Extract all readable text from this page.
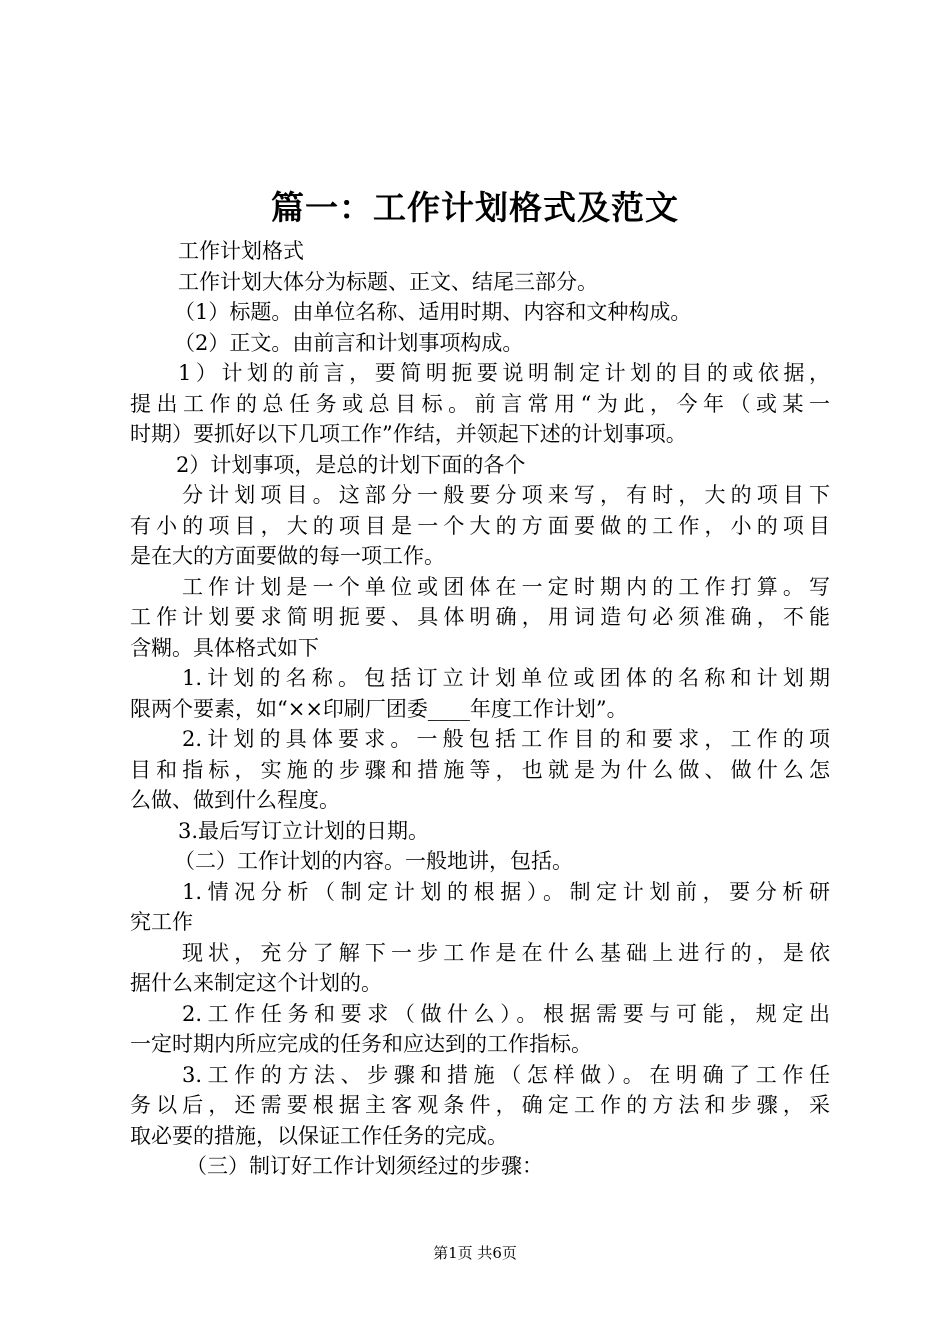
篇一：工作计划格式及范文
工作计划格式
工作计划大体分为标题、正文、结尾三部分。
（1）标题。由单位名称、适用时期、内容和文种构成。
（2）正文。由前言和计划事项构成。
1）计划的前言，要简明扼要说明制定计划的目的或依据，
提出工作的总任务或总目标。前言常用“为此，今年（或某一
时期）要抓好以下几项工作”作结，并领起下述的计划事项。
2）计划事项，是总的计划下面的各个
分计划项目。这部分一般要分项来写，有时，大的项目下
有小的项目，大的项目是一个大的方面要做的工作，小的项目
是在大的方面要做的每一项工作。
工作计划是一个单位或团体在一定时期内的工作打算。写
工作计划要求简明扼要、具体明确，用词造句必须准确，不能
含糊。具体格式如下
1.计划的名称。包括订立计划单位或团体的名称和计划期
限两个要素，如“××印刷厂团委____年度工作计划”。
2.计划的具体要求。一般包括工作目的和要求，工作的项
目和指标，实施的步骤和措施等，也就是为什么做、做什么怎
么做、做到什么程度。
3.最后写订立计划的日期。
（二）工作计划的内容。一般地讲，包括。
1.情况分析（制定计划的根据）。制定计划前，要分析研
究工作
现状，充分了解下一步工作是在什么基础上进行的，是依
据什么来制定这个计划的。
2.工作任务和要求（做什么）。根据需要与可能，规定出
一定时期内所应完成的任务和应达到的工作指标。
3.工作的方法、步骤和措施（怎样做）。在明确了工作任
务以后，还需要根据主客观条件，确定工作的方法和步骤，采
取必要的措施，以保证工作任务的完成。
（三）制订好工作计划须经过的步骤：
第1页 共6页
